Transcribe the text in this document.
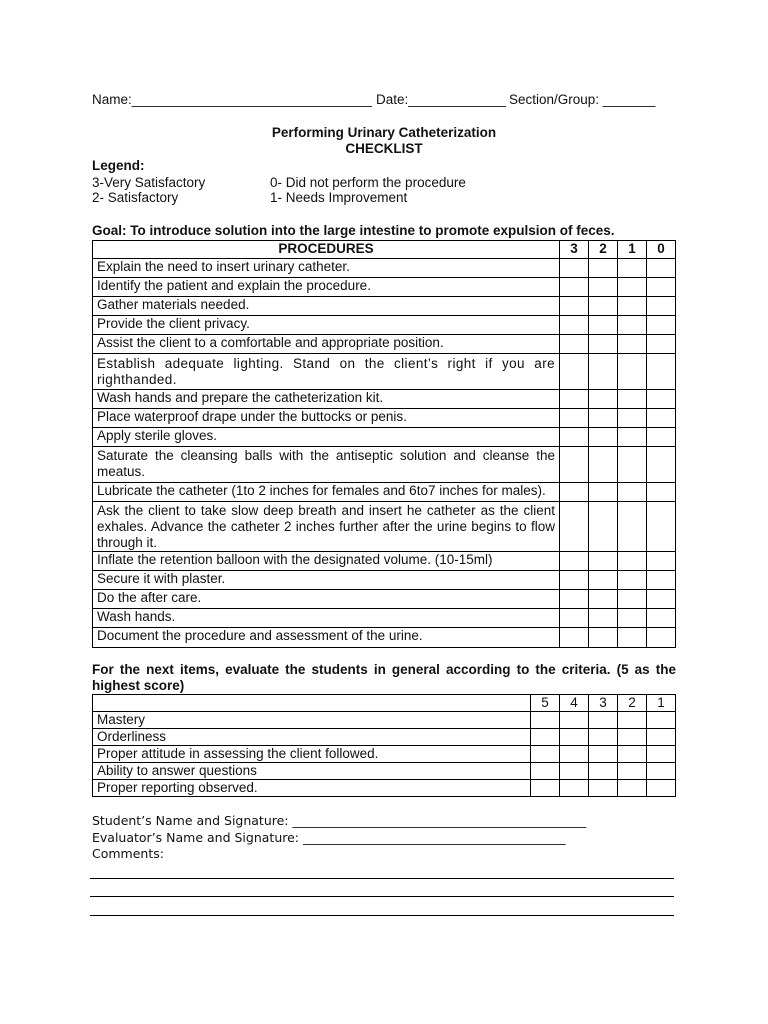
Name:________________________________ Date:_____________ Section/Group: _______
Performing Urinary Catheterization
CHECKLIST
Legend:
3-Very Satisfactory
2- Satisfactory
0- Did not perform the procedure
1- Needs Improvement
Goal: To introduce solution into the large intestine to promote expulsion of feces.
PROCEDURES	3	2	1	0
Explain the need to insert urinary catheter.				
Identify the patient and explain the procedure.				
Gather materials needed.				
Provide the client privacy.				
Assist the client to a comfortable and appropriate position.				
Establish adequate lighting. Stand on the client’s right if you are righthanded.				
Wash hands and prepare the catheterization kit.				
Place waterproof drape under the buttocks or penis.				
Apply sterile gloves.				
Saturate the cleansing balls with the antiseptic solution and cleanse the meatus.				
Lubricate the catheter (1to 2 inches for females and 6to7 inches for males).				
Ask the client to take slow deep breath and insert he catheter as the client exhales. Advance the catheter 2 inches further after the urine begins to flow through it.				
Inflate the retention balloon with the designated volume. (10-15ml)				
Secure it with plaster.				
Do the after care.				
Wash hands.				
Document the procedure and assessment of the urine.				
For the next items, evaluate the students in general according to the criteria. (5 as the highest score)
	5	4	3	2	1
Mastery					
Orderliness					
Proper attitude in assessing the client followed.					
Ability to answer questions					
Proper reporting observed.					
Student’s Name and Signature: _______________________________________________
Evaluator’s Name and Signature: __________________________________________
Comments:
